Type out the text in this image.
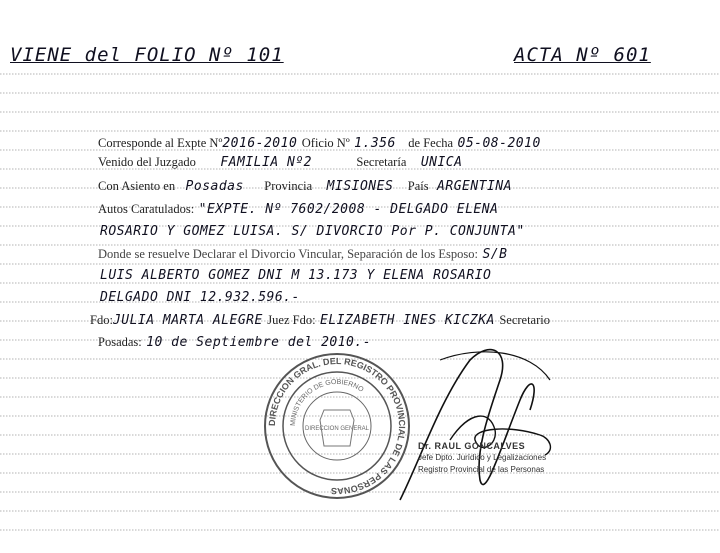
VIENE del FOLIO Nº 101	ACTA Nº 601
Corresponde al Expte Nº2016-2010 Oficio Nº 1.356 de Fecha 05-08-2010
Venido del Juzgado FAMILIA Nº2	Secretaría UNICA
Con Asiento en Posadas Provincia MISIONES País ARGENTINA
Autos Caratulados: "EXPTE. Nº 7602/2008 - DELGADO ELENA
ROSARIO Y GOMEZ LUISA. S/ DIVORCIO Por P. CONJUNTA"
Donde se resuelve Declarar el Divorcio Vincular, Separación de los Esposo: S/B
LUIS ALBERTO GOMEZ DNI M 13.173 Y ELENA ROSARIO
DELGADO DNI 12.932.596.-
Fdo:JULIA MARTA ALEGRE Juez Fdo: ELIZABETH INES KICZKA Secretario
Posadas: 10 de Septiembre del 2010.-
DIRECCION GRAL. DEL REGISTRO PROVINCIAL DE LAS PERSONAS
MINISTERIO DE GOBIERNO
DIRECCION GENERAL
Dr. RAUL GONCALVES
Jefe Dpto. Jurídico y Legalizaciones
Registro Provincial de las Personas
